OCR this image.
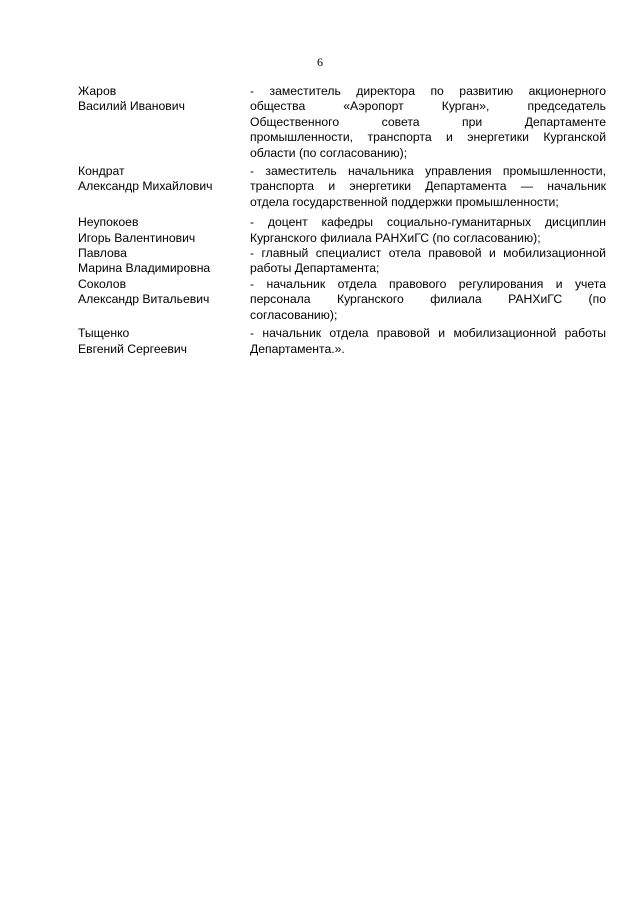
6
Жаров
Василий Иванович
- заместитель директора по развитию акционерного
общества «Аэропорт Курган», председатель
Общественного совета при Департаменте
промышленности, транспорта и энергетики Курганской
области (по согласованию);
Кондрат
Александр Михайлович
- заместитель начальника управления промышленности,
транспорта и энергетики Департамента — начальник
отдела государственной поддержки промышленности;
Неупокоев
Игорь Валентинович
- доцент кафедры социально-гуманитарных дисциплин
Курганского филиала РАНХиГС (по согласованию);
Павлова
Марина Владимировна
- главный специалист отела правовой и мобилизационной
работы Департамента;
Соколов
Александр Витальевич
- начальник отдела правового регулирования и учета
персонала Курганского филиала РАНХиГС (по
согласованию);
Тыщенко
Евгений Сергеевич
- начальник отдела правовой и мобилизационной работы
Департамента.».
